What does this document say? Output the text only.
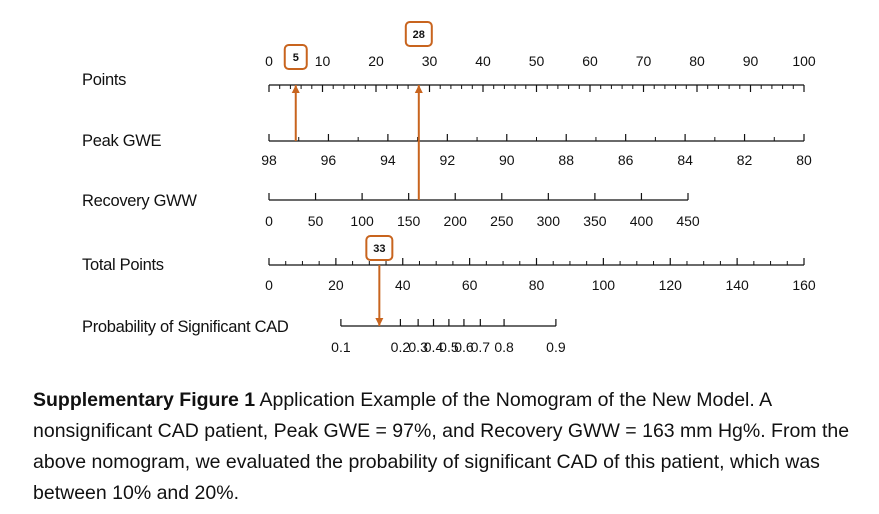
Points
0	10	20	30	40	50	60	70	80	90 100
Peak GWE
98	96	94	92	90	88	86	84	82	80
Recovery GWW
0 50 100 150 200 250 300 350 400 450
Total Points
0	20	40	60	80	100	120	140	160
Probability of Significant CAD
0.1	0.2
0.3
0.4
0.5
0.6
0.7 0.8 0.9
5
28
33
Supplementary Figure 1 Application Example of the Nomogram of the New Model. A nonsignificant CAD patient, Peak GWE = 97%, and Recovery GWW = 163 mm Hg%. From the above nomogram, we evaluated the probability of significant CAD of this patient, which was between 10% and 20%.
